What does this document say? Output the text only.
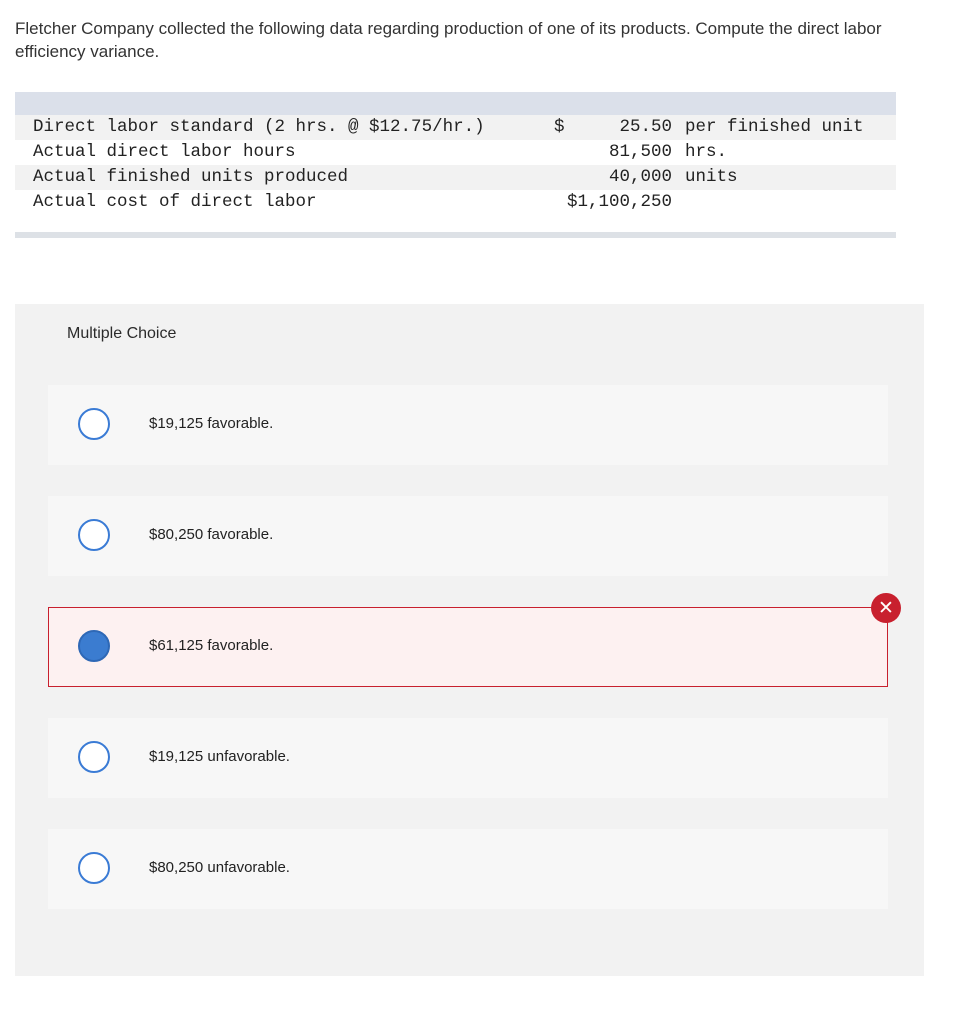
Fletcher Company collected the following data regarding production of one of its products. Compute the direct labor efficiency variance.
Direct labor standard (2 hrs. @ $12.75/hr.)	$	25.50 per finished unit
Actual direct labor hours	81,500 hrs.
Actual finished units produced	40,000 units
Actual cost of direct labor	$1,100,250
Multiple Choice
$19,125 favorable.
$80,250 favorable.
$61,125 favorable.
✕
$19,125 unfavorable.
$80,250 unfavorable.
